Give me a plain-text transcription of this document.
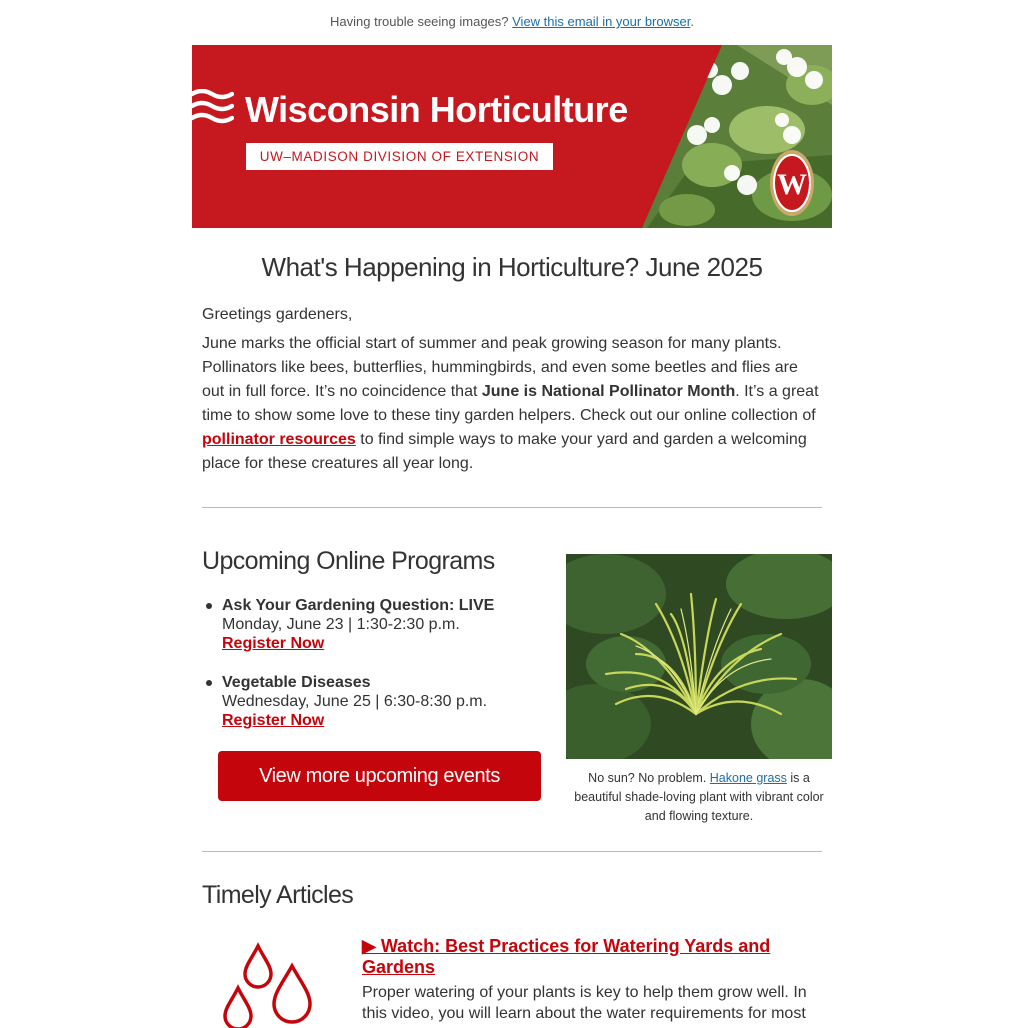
Having trouble seeing images? View this email in your browser.
W
Wisconsin Horticulture
UW–MADISON DIVISION OF EXTENSION
What's Happening in Horticulture? June 2025

Greetings gardeners,

June marks the official start of summer and peak growing season for many plants. Pollinators like bees, butterflies, hummingbirds, and even some beetles and flies are out in full force. It’s no coincidence that June is National Pollinator Month. It’s a great time to show some love to these tiny garden helpers. Check out our online collection of pollinator resources to find simple ways to make your yard and garden a welcoming place for these creatures all year long.

Upcoming Online Programs
Ask Your Gardening Question: LIVE
Monday, June 23 | 1:30-2:30 p.m.
Register Now
Vegetable Diseases
Wednesday, June 25 | 6:30-8:30 p.m.
Register Now
View more upcoming events	No sun? No problem. Hakone grass is a beautiful shade-loving plant with vibrant color and flowing texture.

Timely Articles

▶ Watch: Best Practices for Watering Yards and Gardens

Proper watering of your plants is key to help them grow well. In this video, you will learn about the water requirements for most
